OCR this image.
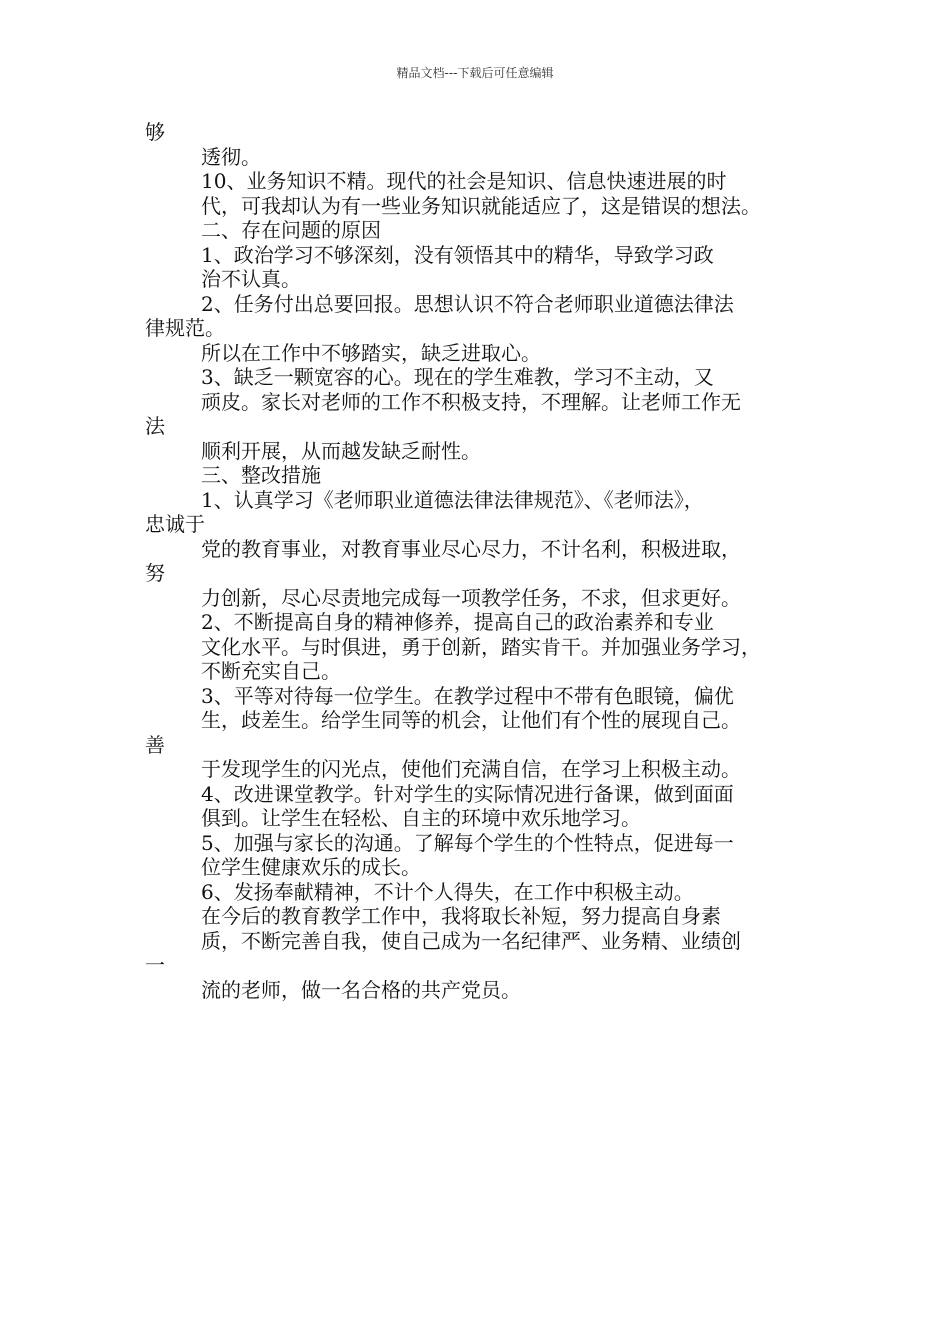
精品文档---下载后可任意编辑
够
透彻。
10、业务知识不精。现代的社会是知识、信息快速进展的时
代，可我却认为有一些业务知识就能适应了，这是错误的想法。
二、存在问题的原因
1、政治学习不够深刻，没有领悟其中的精华，导致学习政
治不认真。
2、任务付出总要回报。思想认识不符合老师职业道德法律法
律规范。
所以在工作中不够踏实，缺乏进取心。
3、缺乏一颗宽容的心。现在的学生难教，学习不主动，又
顽皮。家长对老师的工作不积极支持，不理解。让老师工作无
法
顺利开展，从而越发缺乏耐性。
三、整改措施
1、认真学习《老师职业道德法律法律规范》、《老师法》，
忠诚于
党的教育事业，对教育事业尽心尽力，不计名利，积极进取，
努
力创新，尽心尽责地完成每一项教学任务，不求，但求更好。
2、不断提高自身的精神修养，提高自己的政治素养和专业
文化水平。与时俱进，勇于创新，踏实肯干。并加强业务学习，
不断充实自己。
3、平等对待每一位学生。在教学过程中不带有色眼镜，偏优
生，歧差生。给学生同等的机会，让他们有个性的展现自己。
善
于发现学生的闪光点，使他们充满自信，在学习上积极主动。
4、改进课堂教学。针对学生的实际情况进行备课，做到面面
俱到。让学生在轻松、自主的环境中欢乐地学习。
5、加强与家长的沟通。了解每个学生的个性特点，促进每一
位学生健康欢乐的成长。
6、发扬奉献精神，不计个人得失，在工作中积极主动。
在今后的教育教学工作中，我将取长补短，努力提高自身素
质，不断完善自我，使自己成为一名纪律严、业务精、业绩创
一
流的老师，做一名合格的共产党员。
